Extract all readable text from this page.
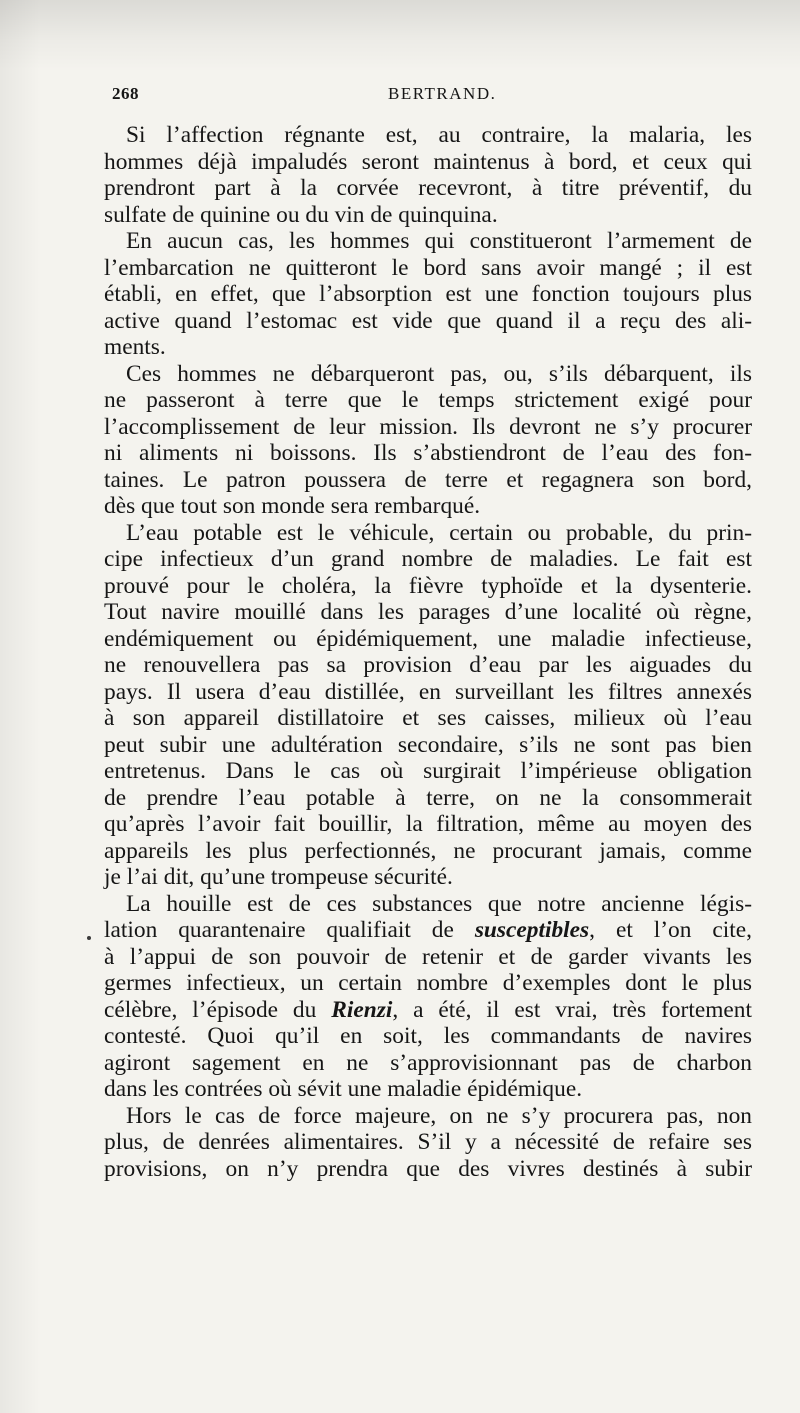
268	BERTRAND.
Si l’affection régnante est, au contraire, la malaria, les
hommes déjà impaludés seront maintenus à bord, et ceux qui
prendront part à la corvée recevront, à titre préventif, du
sulfate de quinine ou du vin de quinquina.
En aucun cas, les hommes qui constitueront l’armement de
l’embarcation ne quitteront le bord sans avoir mangé ; il est
établi, en effet, que l’absorption est une fonction toujours plus
active quand l’estomac est vide que quand il a reçu des ali-
ments.
Ces hommes ne débarqueront pas, ou, s’ils débarquent, ils
ne passeront à terre que le temps strictement exigé pour
l’accomplissement de leur mission. Ils devront ne s’y procurer
ni aliments ni boissons. Ils s’abstiendront de l’eau des fon-
taines. Le patron poussera de terre et regagnera son bord,
dès que tout son monde sera rembarqué.
L’eau potable est le véhicule, certain ou probable, du prin-
cipe infectieux d’un grand nombre de maladies. Le fait est
prouvé pour le choléra, la fièvre typhoïde et la dysenterie.
Tout navire mouillé dans les parages d’une localité où règne,
endémiquement ou épidémiquement, une maladie infectieuse,
ne renouvellera pas sa provision d’eau par les aiguades du
pays. Il usera d’eau distillée, en surveillant les filtres annexés
à son appareil distillatoire et ses caisses, milieux où l’eau
peut subir une adultération secondaire, s’ils ne sont pas bien
entretenus. Dans le cas où surgirait l’impérieuse obligation
de prendre l’eau potable à terre, on ne la consommerait
qu’après l’avoir fait bouillir, la filtration, même au moyen des
appareils les plus perfectionnés, ne procurant jamais, comme
je l’ai dit, qu’une trompeuse sécurité.
La houille est de ces substances que notre ancienne légis-
lation quarantenaire qualifiait de susceptibles, et l’on cite,
à l’appui de son pouvoir de retenir et de garder vivants les
germes infectieux, un certain nombre d’exemples dont le plus
célèbre, l’épisode du Rienzi, a été, il est vrai, très fortement
contesté. Quoi qu’il en soit, les commandants de navires
agiront sagement en ne s’approvisionnant pas de charbon
dans les contrées où sévit une maladie épidémique.
Hors le cas de force majeure, on ne s’y procurera pas, non
plus, de denrées alimentaires. S’il y a nécessité de refaire ses
provisions, on n’y prendra que des vivres destinés à subir
